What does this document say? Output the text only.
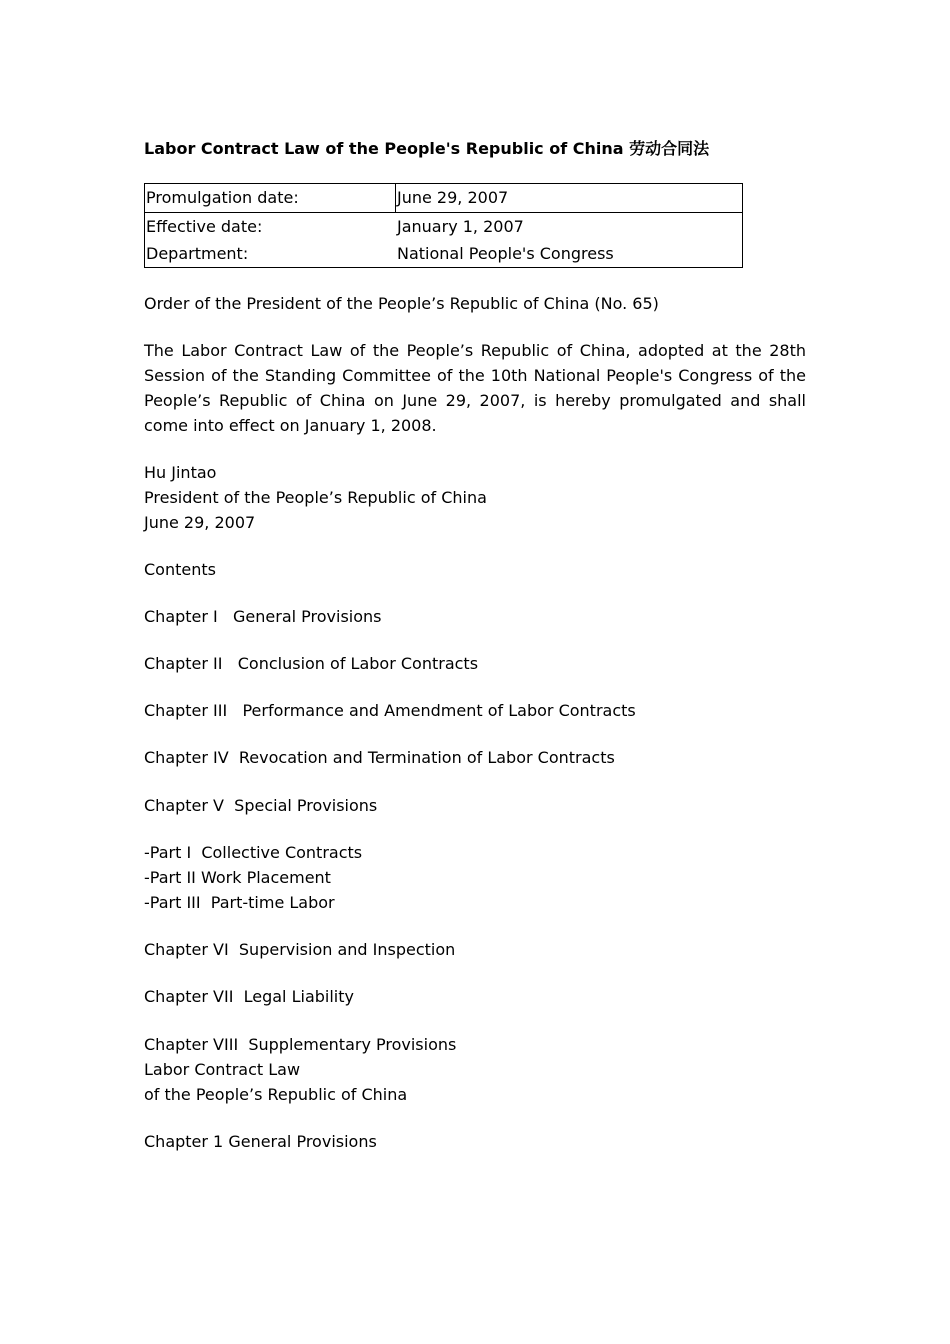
Labor Contract Law of the People's Republic of China 劳动合同法
Promulgation date:	June 29, 2007
Effective date:	January 1, 2007
Department:	National People's Congress
Order of the President of the People’s Republic of China (No. 65)
The Labor Contract Law of the People’s Republic of China, adopted at the 28th Session of the Standing Committee of the 10th National People's Congress of the People’s Republic of China on June 29, 2007, is hereby promulgated and shall come into effect on January 1, 2008.
Hu Jintao
President of the People’s Republic of China
June 29, 2007
Contents
Chapter I   General Provisions
Chapter II   Conclusion of Labor Contracts
Chapter III   Performance and Amendment of Labor Contracts
Chapter IV  Revocation and Termination of Labor Contracts
Chapter V  Special Provisions
-Part I  Collective Contracts
-Part II Work Placement
-Part III  Part-time Labor
Chapter VI  Supervision and Inspection
Chapter VII  Legal Liability
Chapter VIII  Supplementary Provisions
Labor Contract Law
of the People’s Republic of China
Chapter 1 General Provisions
